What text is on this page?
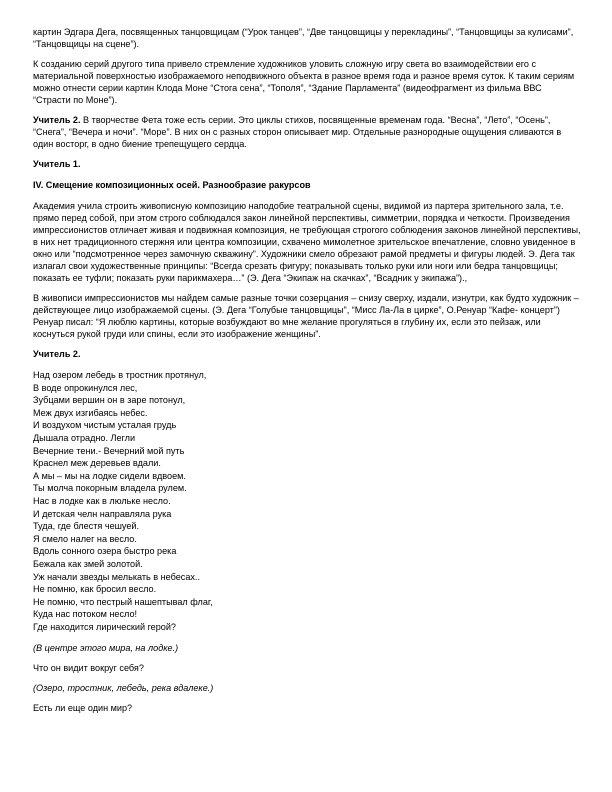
картин Эдгара Дега, посвященных танцовщицам (“Урок танцев”, “Две танцовщицы у перекладины”, “Танцовщицы за кулисами”, “Танцовщицы на сцене”).

К созданию серий другого типа привело стремление художников уловить сложную игру света во взаимодействии его с материальной поверхностью изображаемого неподвижного объекта в разное время года и разное время суток. К таким сериям можно отнести серии картин Клода Моне “Стога сена”, “Тополя”, “Здание Парламента” (видеофрагмент из фильма ВВС “Страсти по Моне”).

Учитель 2. В творчестве Фета тоже есть серии. Это циклы стихов, посвященные временам года. “Весна”, “Лето”, “Осень”, “Снега”, “Вечера и ночи”. “Море”. В них он с разных сторон описывает мир. Отдельные разнородные ощущения сливаются в один восторг, в одно биение трепещущего сердца.

Учитель 1.

IV. Смещение композиционных осей. Разнообразие ракурсов

Академия учила строить живописную композицию наподобие театральной сцены, видимой из партера зрительного зала, т.е. прямо перед собой, при этом строго соблюдался закон линейной перспективы, симметрии, порядка и четкости. Произведения импрессионистов отличает живая и подвижная композиция, не требующая строгого соблюдения законов линейной перспективы, в них нет традиционного стержня или центра композиции, схвачено мимолетное зрительское впечатление, словно увиденное в окно или “подсмотренное через замочную скважину”. Художники смело обрезают рамой предметы и фигуры людей. Э. Дега так излагал свои художественные принципы: “Всегда срезать фигуру; показывать только руки или ноги или бедра танцовщицы; показать ее туфли; показать руки парикмахера…” (Э. Дега “Экипаж на скачках”, “Всадник у экипажа”).,

В живописи импрессионистов мы найдем самые разные точки созерцания – снизу сверху, издали, изнутри, как будто художник – действующее лицо изображаемой сцены. (Э. Дега “Голубые танцовщицы”, “Мисс Ла-Ла в цирке”, О.Ренуар “Кафе- концерт”) Ренуар писал: “Я люблю картины, которые возбуждают во мне желание прогуляться в глубину их, если это пейзаж, или коснуться рукой груди или спины, если это изображение женщины”.

Учитель 2.

Над озером лебедь в тростник протянул,
В воде опрокинулся лес,
Зубцами вершин он в заре потонул,
Меж двух изгибаясь небес.
И воздухом чистым усталая грудь
Дышала отрадно. Легли
Вечерние тени.- Вечерний мой путь
Краснел меж деревьев вдали.
А мы – мы на лодке сидели вдвоем.
Ты молча покорным владела рулем.
Нас в лодке как в люльке несло.
И детская челн направляла рука
Туда, где блестя чешуей.
Я смело налег на весло.
Вдоль сонного озера быстро река
Бежала как змей золотой.
Уж начали звезды мелькать в небесах..
Не помню, как бросил весло.
Не помню, что пестрый нашептывал флаг,
Куда нас потоком несло!
Где находится лирический герой?

(В центре этого мира, на лодке.)

Что он видит вокруг себя?

(Озеро, тростник, лебедь, река вдалеке.)

Есть ли еще один мир?
